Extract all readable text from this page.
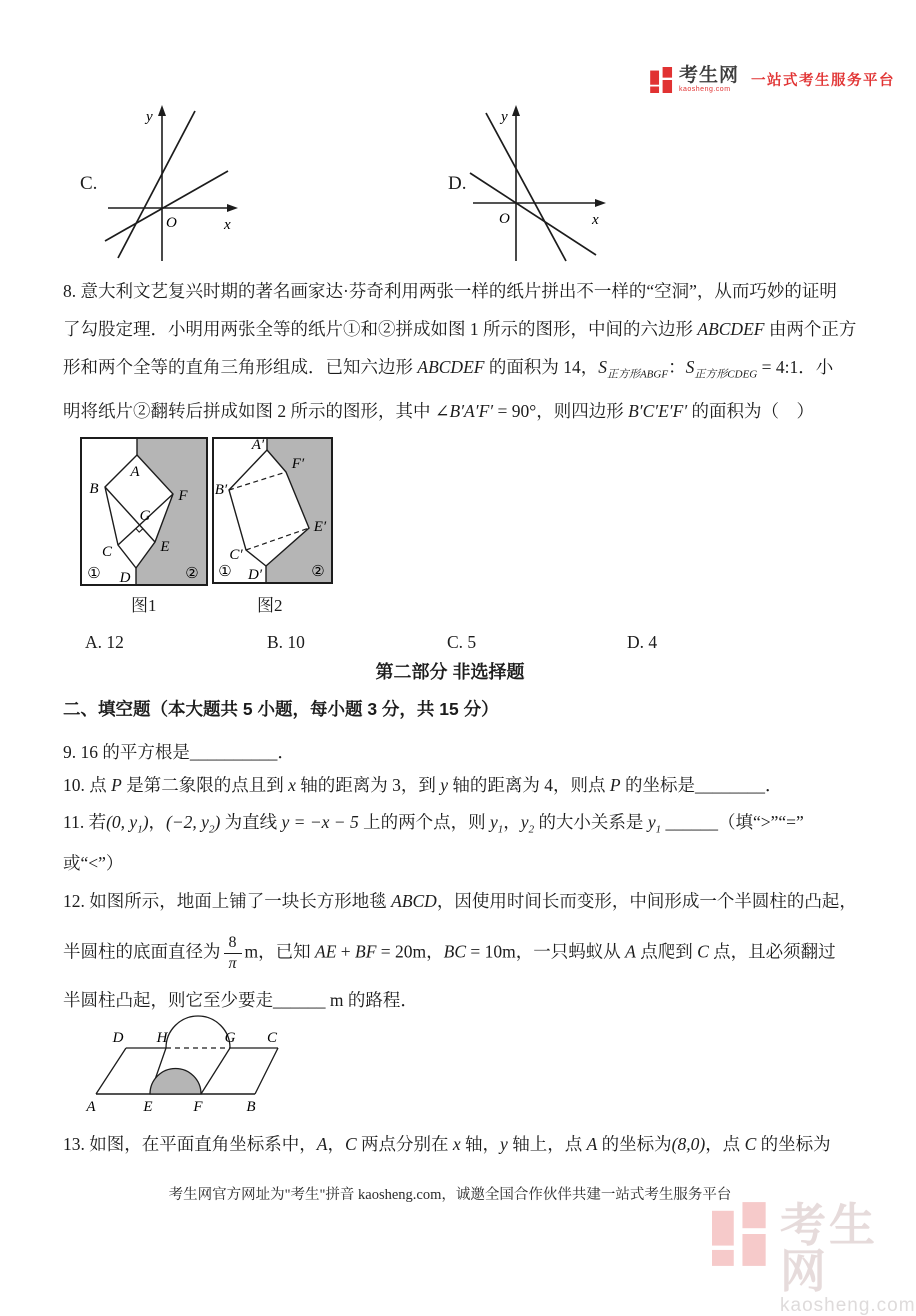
考生网
kaosheng.com
一站式考生服务平台
C.
y
x
O
D.
y
x
O
8. 意大利文艺复兴时期的著名画家达·芬奇利用两张一样的纸片拼出不一样的“空洞”，从而巧妙的证明
了勾股定理．小明用两张全等的纸片①和②拼成如图 1 所示的图形，中间的六边形 ABCDEF 由两个正方
形和两个全等的直角三角形组成．已知六边形 ABCDEF 的面积为 14，$S_{正方形ABGF}$：$S_{正方形CDEG}$ = 4:1．小
明将纸片②翻转后拼成如图 2 所示的图形，其中 ∠B′A′F′ = 90°，则四边形 B′C′E′F′ 的面积为（　）
A
B	F
G
C	E
D
①	②
图1
A′
F′
B′
E′
C′
D′
①	②
图2
A. 12	B. 10	C. 5	D. 4
第二部分 非选择题
二、填空题（本大题共 5 小题，每小题 3 分，共 15 分）
9. 16 的平方根是__________．
10. 点 P 是第二象限的点且到 x 轴的距离为 3，到 y 轴的距离为 4，则点 P 的坐标是________．
11. 若(0, $y_1$)，(−2, $y_2$) 为直线 y = −x − 5 上的两个点，则 $y_1$，$y_2$ 的大小关系是 $y_1$ ______（填“>”“=”
或“<”）
12. 如图所示，地面上铺了一块长方形地毯 ABCD，因使用时间长而变形，中间形成一个半圆柱的凸起，
半圆柱的底面直径为 $\frac{8}{\pi}$ m，已知 AE + BF = 20m，BC = 10m，一只蚂蚁从 A 点爬到 C 点，且必须翻过
半圆柱凸起，则它至少要走______ m 的路程．
D H	G C
A	E	F	B
13. 如图，在平面直角坐标系中，A，C 两点分别在 x 轴，y 轴上，点 A 的坐标为(8,0)，点 C 的坐标为
考生网官方网址为"考生"拼音 kaosheng.com，诚邀全国合作伙伴共建一站式考生服务平台
考生网
kaosheng.com
